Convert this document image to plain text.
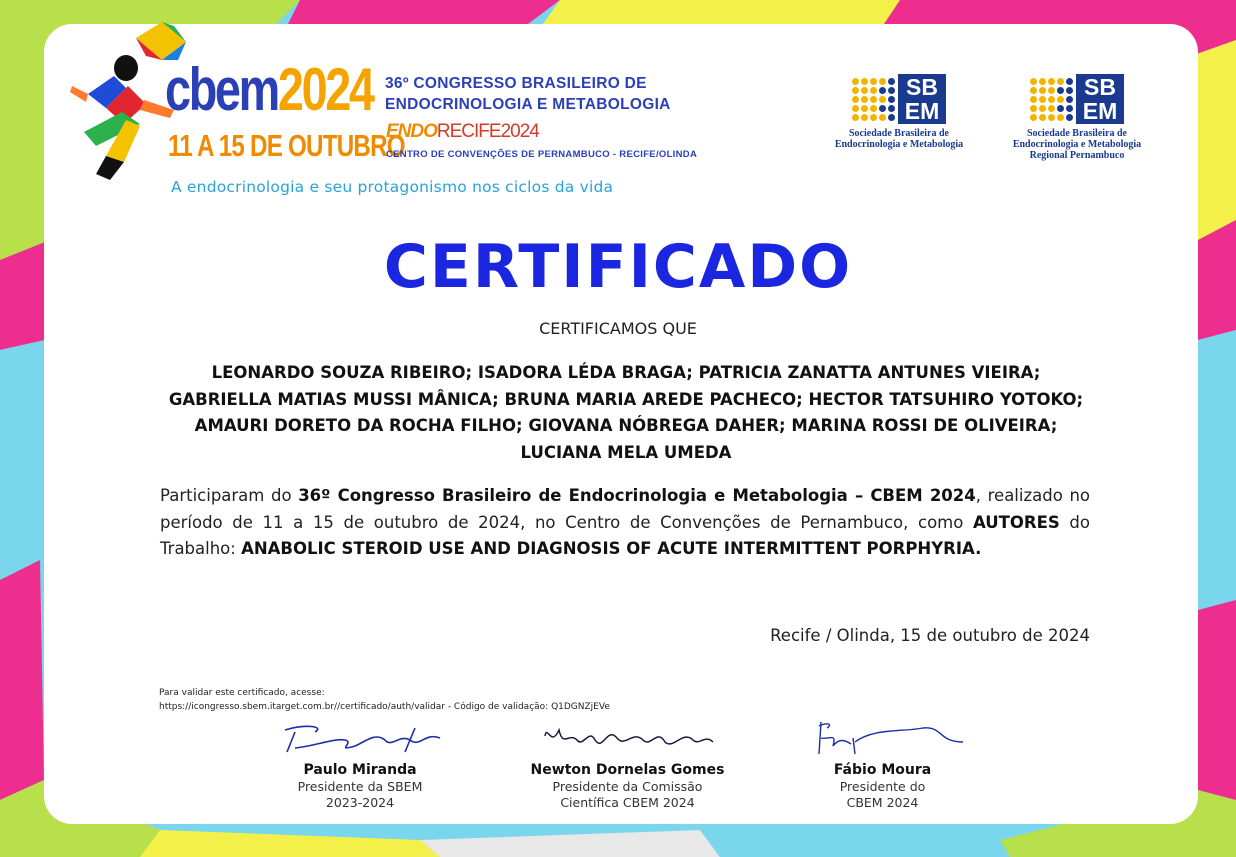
cbem2024
11 A 15 DE OUTUBRO
A endocrinologia e seu protagonismo nos ciclos da vida
36º CONGRESSO BRASILEIRO DE
ENDOCRINOLOGIA E METABOLOGIA
ENDORECIFE2024
CENTRO DE CONVENÇÕES DE PERNAMBUCO - RECIFE/OLINDA
SB
EM
Sociedade Brasileira de
Endocrinologia e Metabologia
SB
EM
Sociedade Brasileira de
Endocrinologia e Metabologia
Regional Pernambuco
CERTIFICADO
CERTIFICAMOS QUE
LEONARDO SOUZA RIBEIRO; ISADORA LÉDA BRAGA; PATRICIA ZANATTA ANTUNES VIEIRA; GABRIELLA MATIAS MUSSI MÂNICA; BRUNA MARIA AREDE PACHECO; HECTOR TATSUHIRO YOTOKO; AMAURI DORETO DA ROCHA FILHO; GIOVANA NÓBREGA DAHER; MARINA ROSSI DE OLIVEIRA; LUCIANA MELA UMEDA
Participaram do 36º Congresso Brasileiro de Endocrinologia e Metabologia – CBEM 2024, realizado no período de 11 a 15 de outubro de 2024, no Centro de Convenções de Pernambuco, como AUTORES do Trabalho: ANABOLIC STEROID USE AND DIAGNOSIS OF ACUTE INTERMITTENT PORPHYRIA.
Recife / Olinda, 15 de outubro de 2024
Para validar este certificado, acesse:
https://icongresso.sbem.itarget.com.br//certificado/auth/validar - Código de validação: Q1DGNZjEVe
Paulo Miranda
Presidente da SBEM
2023-2024
Newton Dornelas Gomes
Presidente da Comissão
Científica CBEM 2024
Fábio Moura
Presidente do
CBEM 2024
